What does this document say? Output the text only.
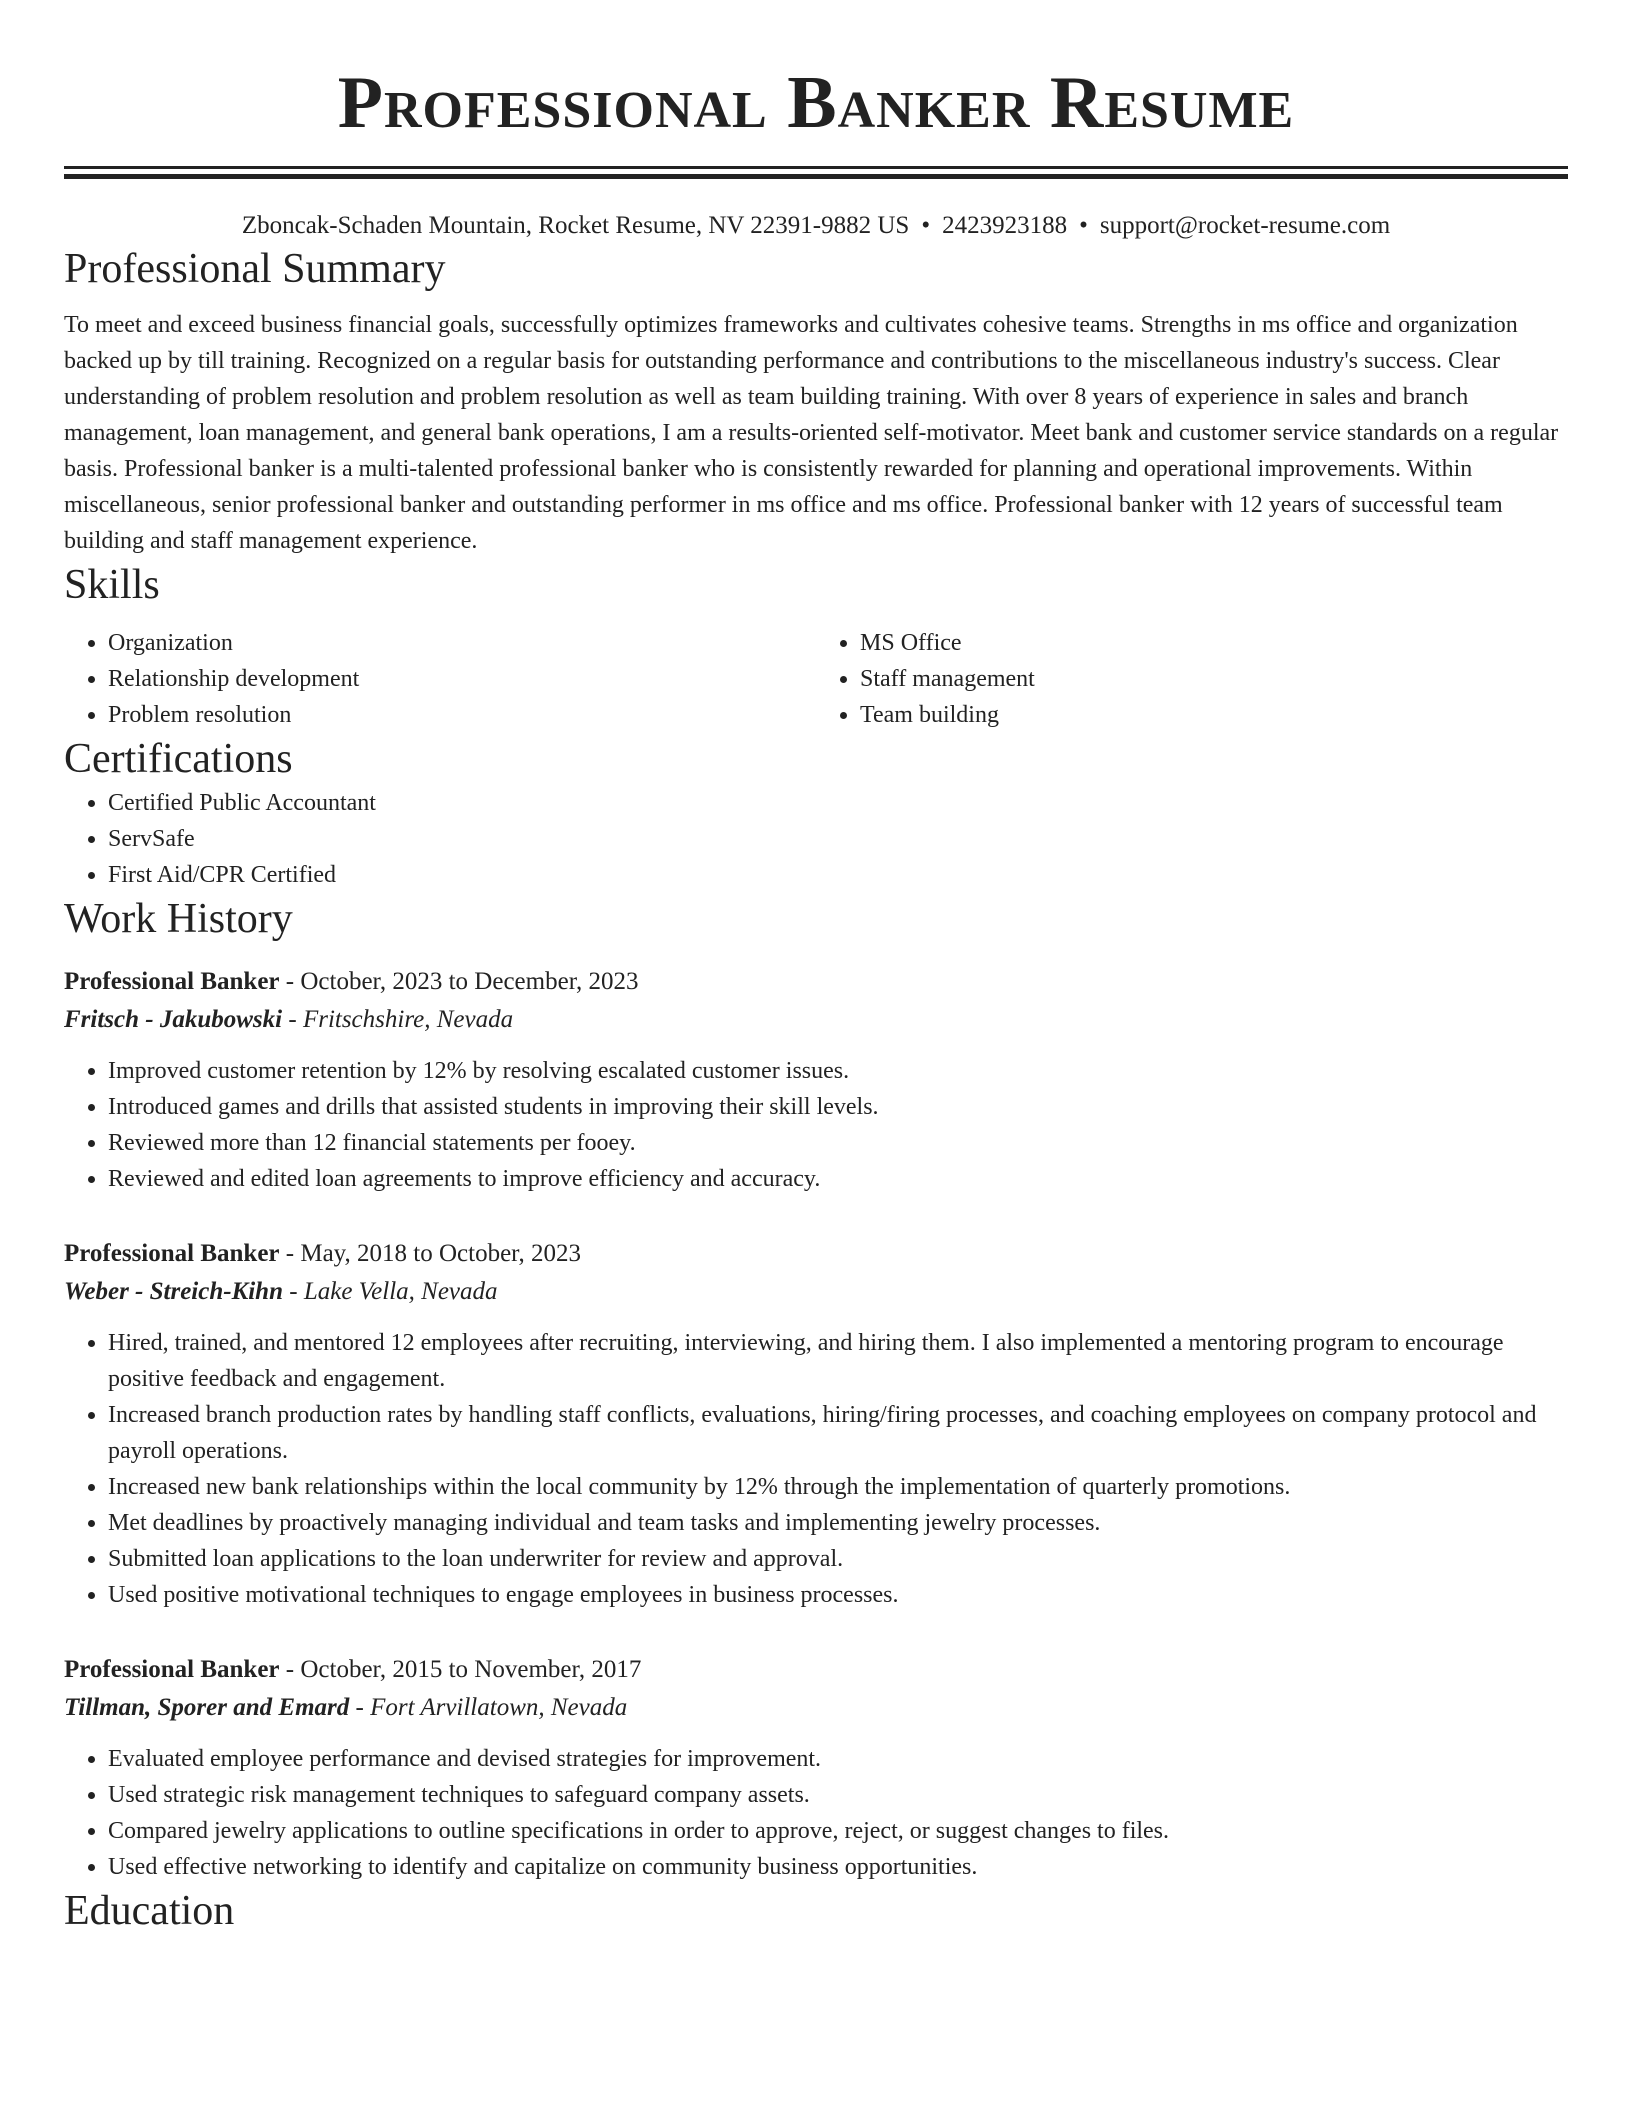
Professional Banker Resume
Zboncak-Schaden Mountain, Rocket Resume, NV 22391-9882 US • 2423923188 • support@rocket-resume.com
Professional Summary

To meet and exceed business financial goals, successfully optimizes frameworks and cultivates cohesive teams. Strengths in ms office and organization backed up by till training. Recognized on a regular basis for outstanding performance and contributions to the miscellaneous industry's success. Clear understanding of problem resolution and problem resolution as well as team building training. With over 8 years of experience in sales and branch management, loan management, and general bank operations, I am a results-oriented self-motivator. Meet bank and customer service standards on a regular basis. Professional banker is a multi-talented professional banker who is consistently rewarded for planning and operational improvements. Within miscellaneous, senior professional banker and outstanding performer in ms office and ms office. Professional banker with 12 years of successful team building and staff management experience.

Skills
• Organization
• Relationship development
• Problem resolution
• MS Office
• Staff management
• Team building
Certifications
• Certified Public Accountant
• ServSafe
• First Aid/CPR Certified
Work History
Professional Banker - October, 2023 to December, 2023
Fritsch - Jakubowski - Fritschshire, Nevada
• Improved customer retention by 12% by resolving escalated customer issues.
• Introduced games and drills that assisted students in improving their skill levels.
• Reviewed more than 12 financial statements per fooey.
• Reviewed and edited loan agreements to improve efficiency and accuracy.
Professional Banker - May, 2018 to October, 2023
Weber - Streich-Kihn - Lake Vella, Nevada
• Hired, trained, and mentored 12 employees after recruiting, interviewing, and hiring them. I also implemented a mentoring program to encourage positive feedback and engagement.
• Increased branch production rates by handling staff conflicts, evaluations, hiring/firing processes, and coaching employees on company protocol and payroll operations.
• Increased new bank relationships within the local community by 12% through the implementation of quarterly promotions.
• Met deadlines by proactively managing individual and team tasks and implementing jewelry processes.
• Submitted loan applications to the loan underwriter for review and approval.
• Used positive motivational techniques to engage employees in business processes.
Professional Banker - October, 2015 to November, 2017
Tillman, Sporer and Emard - Fort Arvillatown, Nevada
• Evaluated employee performance and devised strategies for improvement.
• Used strategic risk management techniques to safeguard company assets.
• Compared jewelry applications to outline specifications in order to approve, reject, or suggest changes to files.
• Used effective networking to identify and capitalize on community business opportunities.
Education
